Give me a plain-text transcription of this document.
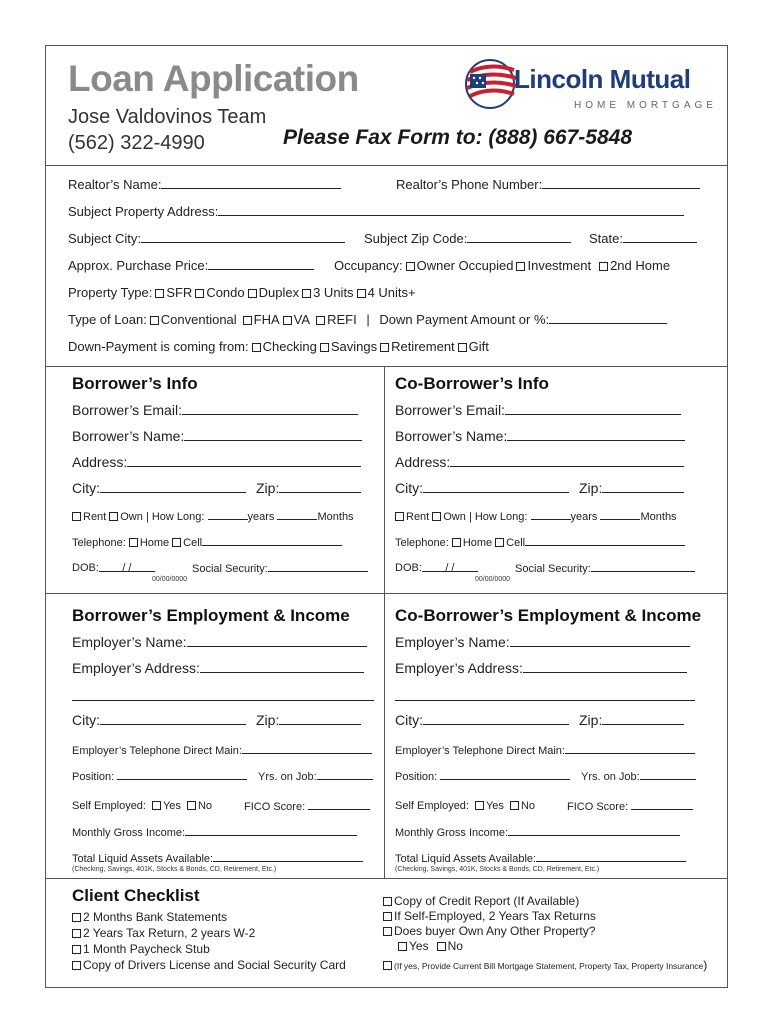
Loan Application
Jose Valdovinos Team
(562) 322-4990	Please Fax Form to: (888) 667-5848
Lincoln Mutual
HOME MORTGAGE
Realtor’s Name:	Realtor’s Phone Number:
Subject Property Address:
Subject City:	Subject Zip Code:	State:
Approx. Purchase Price:	Occupancy: Owner Occupied Investment 2nd Home
Property Type: SFR Condo Duplex 3 Units 4 Units+
Type of Loan: Conventional FHA VA REFI | Down Payment Amount or %:
Down-Payment is coming from: Checking Savings Retirement Gift
Borrower’s Info
Borrower’s Email:
Borrower’s Name:
Address:
City:	Zip:
Rent Own | How Long:	years	Months
Telephone: Home Cell
DOB: / /
00/00/0000
Social Security:
Co-Borrower’s Info
Borrower’s Email:
Borrower’s Name:
Address:
City:	Zip:
Rent Own | How Long:	years	Months
Telephone: Home Cell
DOB: / /
00/00/0000
Social Security:
Borrower’s Employment & Income
Employer’s Name:
Employer’s Address:
City:	Zip:
Employer’s Telephone Direct Main:
Position:	Yrs. on Job:
Self Employed: Yes No	FICO Score:
Monthly Gross Income:
Total Liquid Assets Available:
(Checking, Savings, 401K, Stocks & Bonds, CD, Retirement, Etc.)
Co-Borrower’s Employment & Income
Employer’s Name:
Employer’s Address:
City:	Zip:
Employer’s Telephone Direct Main:
Position:	Yrs. on Job:
Self Employed: Yes No	FICO Score:
Monthly Gross Income:
Total Liquid Assets Available:
(Checking, Savings, 401K, Stocks & Bonds, CD, Retirement, Etc.)
Client Checklist
2 Months Bank Statements
2 Years Tax Return, 2 years W-2
1 Month Paycheck Stub
Copy of Drivers License and Social Security Card
Copy of Credit Report (If Available)
If Self-Employed, 2 Years Tax Returns
Does buyer Own Any Other Property?
Yes No
(If yes, Provide Current Bill Mortgage Statement, Property Tax, Property Insurance)
